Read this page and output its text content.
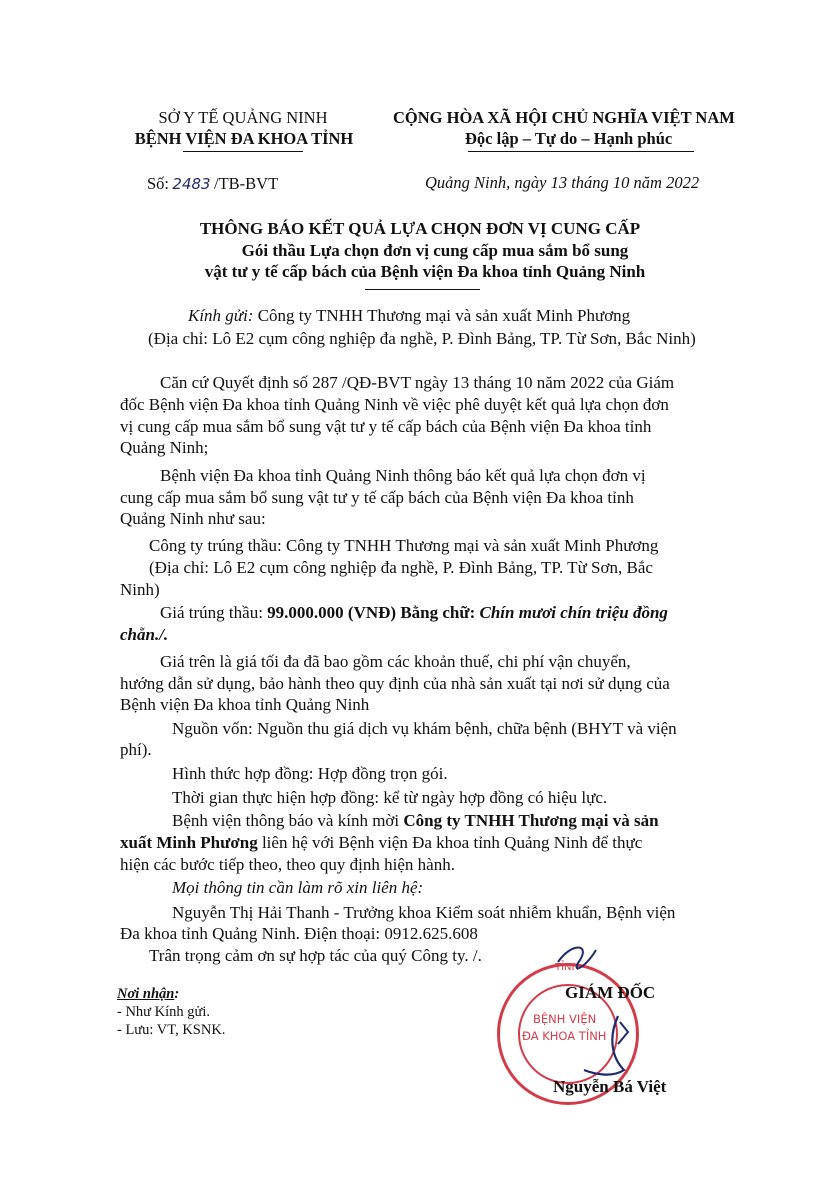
SỞ Y TẾ QUẢNG NINH
BỆNH VIỆN ĐA KHOA TỈNH
CỘNG HÒA XÃ HỘI CHỦ NGHĨA VIỆT NAM
Độc lập – Tự do – Hạnh phúc
Số: 2483 /TB-BVT	Quảng Ninh, ngày 13 tháng 10 năm 2022
THÔNG BÁO KẾT QUẢ LỰA CHỌN ĐƠN VỊ CUNG CẤP
Gói thầu Lựa chọn đơn vị cung cấp mua sắm bổ sung
vật tư y tế cấp bách của Bệnh viện Đa khoa tỉnh Quảng Ninh
Kính gửi: Công ty TNHH Thương mại và sản xuất Minh Phương
(Địa chỉ: Lô E2 cụm công nghiệp đa nghề, P. Đình Bảng, TP. Từ Sơn, Bắc Ninh)
Căn cứ Quyết định số 287 /QĐ-BVT ngày 13 tháng 10 năm 2022 của Giám
đốc Bệnh viện Đa khoa tỉnh Quảng Ninh về việc phê duyệt kết quả lựa chọn đơn
vị cung cấp mua sắm bổ sung vật tư y tế cấp bách của Bệnh viện Đa khoa tỉnh
Quảng Ninh;
Bệnh viện Đa khoa tỉnh Quảng Ninh thông báo kết quả lựa chọn đơn vị
cung cấp mua sắm bổ sung vật tư y tế cấp bách của Bệnh viện Đa khoa tỉnh
Quảng Ninh như sau:
Công ty trúng thầu: Công ty TNHH Thương mại và sản xuất Minh Phương
(Địa chỉ: Lô E2 cụm công nghiệp đa nghề, P. Đình Bảng, TP. Từ Sơn, Bắc
Ninh)
Giá trúng thầu: 99.000.000 (VNĐ) Bằng chữ: Chín mươi chín triệu đồng
chẵn./.
Giá trên là giá tối đa đã bao gồm các khoản thuế, chi phí vận chuyển,
hướng dẫn sử dụng, bảo hành theo quy định của nhà sản xuất tại nơi sử dụng của
Bệnh viện Đa khoa tỉnh Quảng Ninh
Nguồn vốn: Nguồn thu giá dịch vụ khám bệnh, chữa bệnh (BHYT và viện
phí).
Hình thức hợp đồng: Hợp đồng trọn gói.
Thời gian thực hiện hợp đồng: kể từ ngày hợp đồng có hiệu lực.
Bệnh viện thông báo và kính mời Công ty TNHH Thương mại và sản
xuất Minh Phương liên hệ với Bệnh viện Đa khoa tỉnh Quảng Ninh để thực
hiện các bước tiếp theo, theo quy định hiện hành.
Mọi thông tin cần làm rõ xin liên hệ:
Nguyễn Thị Hải Thanh - Trưởng khoa Kiểm soát nhiễm khuẩn, Bệnh viện
Đa khoa tỉnh Quảng Ninh. Điện thoại: 0912.625.608
Trân trọng cảm ơn sự hợp tác của quý Công ty. /.
Nơi nhận:
- Như Kính gửi.
- Lưu: VT, KSNK.
TỈNH
BỆNH VIỆN
ĐA KHOA TỈNH
GIÁM ĐỐC
Nguyễn Bá Việt
